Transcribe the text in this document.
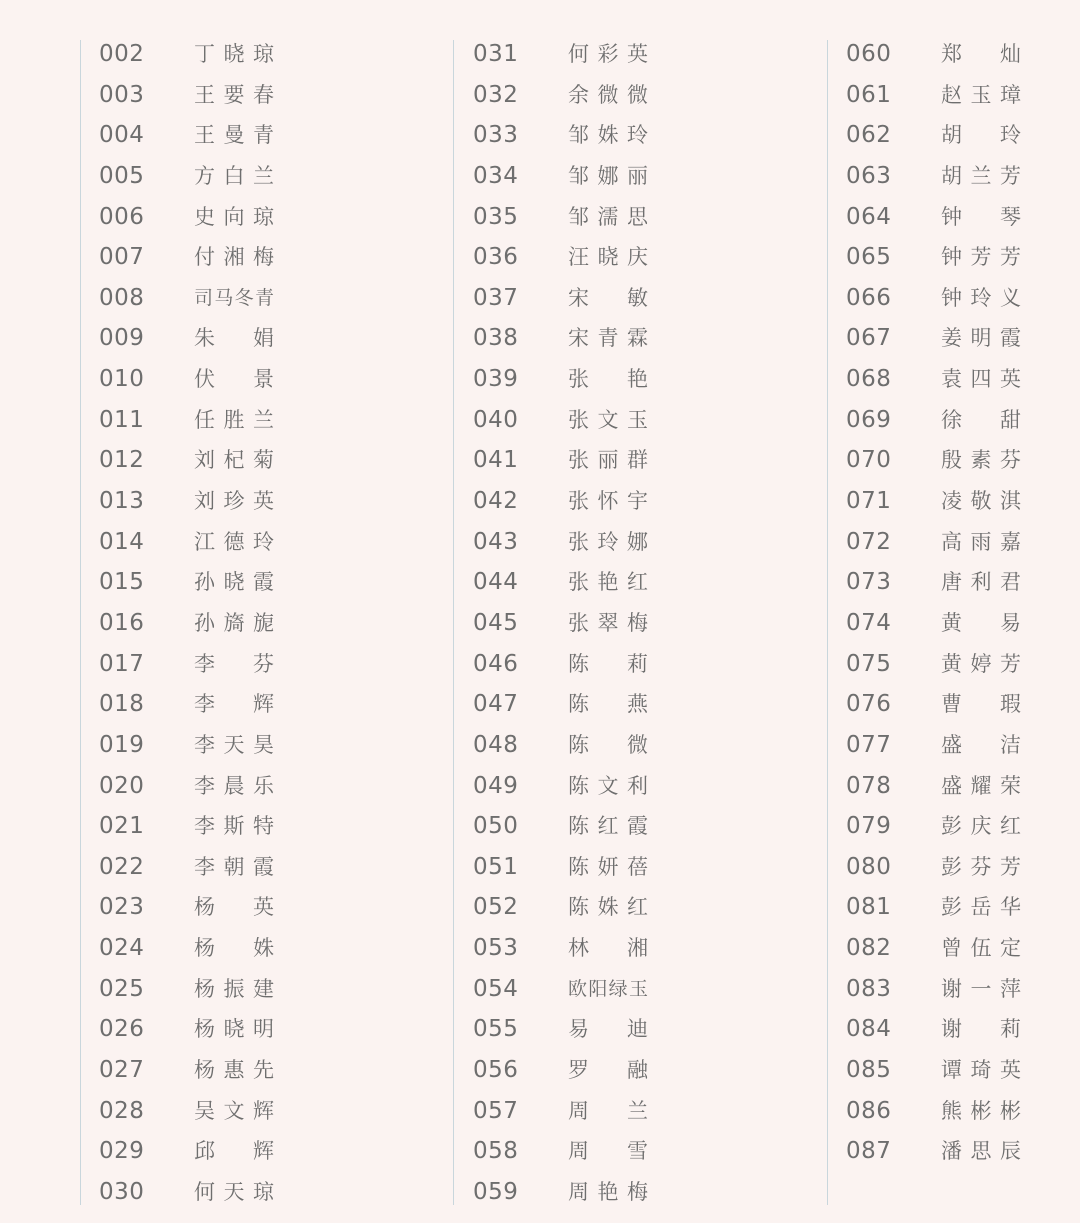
002 丁 晓 琼
003 王 要 春
004 王 曼 青
005 方 白 兰
006 史 向 琼
007 付 湘 梅
008	司 马 冬 青
009 朱
娟
010 伏
景
011 任 胜 兰
012 刘 杞 菊
013 刘 珍 英
014 江 德 玲
015 孙 晓 霞
016 孙 旖 旎
017 李
芬
018 李
辉
019 李 天 昊
020 李 晨 乐
021 李 斯 特
022 李 朝 霞
023 杨
英
024 杨
姝
025 杨 振 建
026 杨 晓 明
027 杨 惠 先
028 吴 文 辉
029 邱
辉
030 何 天 琼
031 何 彩 英
032 余 微 微
033 邹 姝 玲
034 邹 娜 丽
035 邹 濡 思
036 汪 晓 庆
037 宋
敏
038 宋 青 霖
039 张
艳
040 张 文 玉
041 张 丽 群
042 张 怀 宇
043 张 玲 娜
044 张 艳 红
045 张 翠 梅
046 陈
莉
047 陈
燕
048 陈
微
049 陈 文 利
050 陈 红 霞
051 陈 妍 蓓
052 陈 姝 红
053 林
湘
054	欧 阳 绿 玉
055 易
迪
056 罗
融
057 周
兰
058 周
雪
059 周 艳 梅
060 郑
灿
061 赵 玉 璋
062 胡
玲
063 胡 兰 芳
064 钟
琴
065 钟 芳 芳
066 钟 玲 义
067 姜 明 霞
068 袁 四 英
069 徐
甜
070 殷 素 芬
071 凌 敬 淇
072 高 雨 嘉
073 唐 利 君
074 黄
易
075 黄 婷 芳
076 曹
瑕
077 盛
洁
078 盛 耀 荣
079 彭 庆 红
080 彭 芬 芳
081 彭 岳 华
082 曾 伍 定
083 谢 一 萍
084 谢
莉
085 谭 琦 英
086 熊 彬 彬
087 潘 思 辰
